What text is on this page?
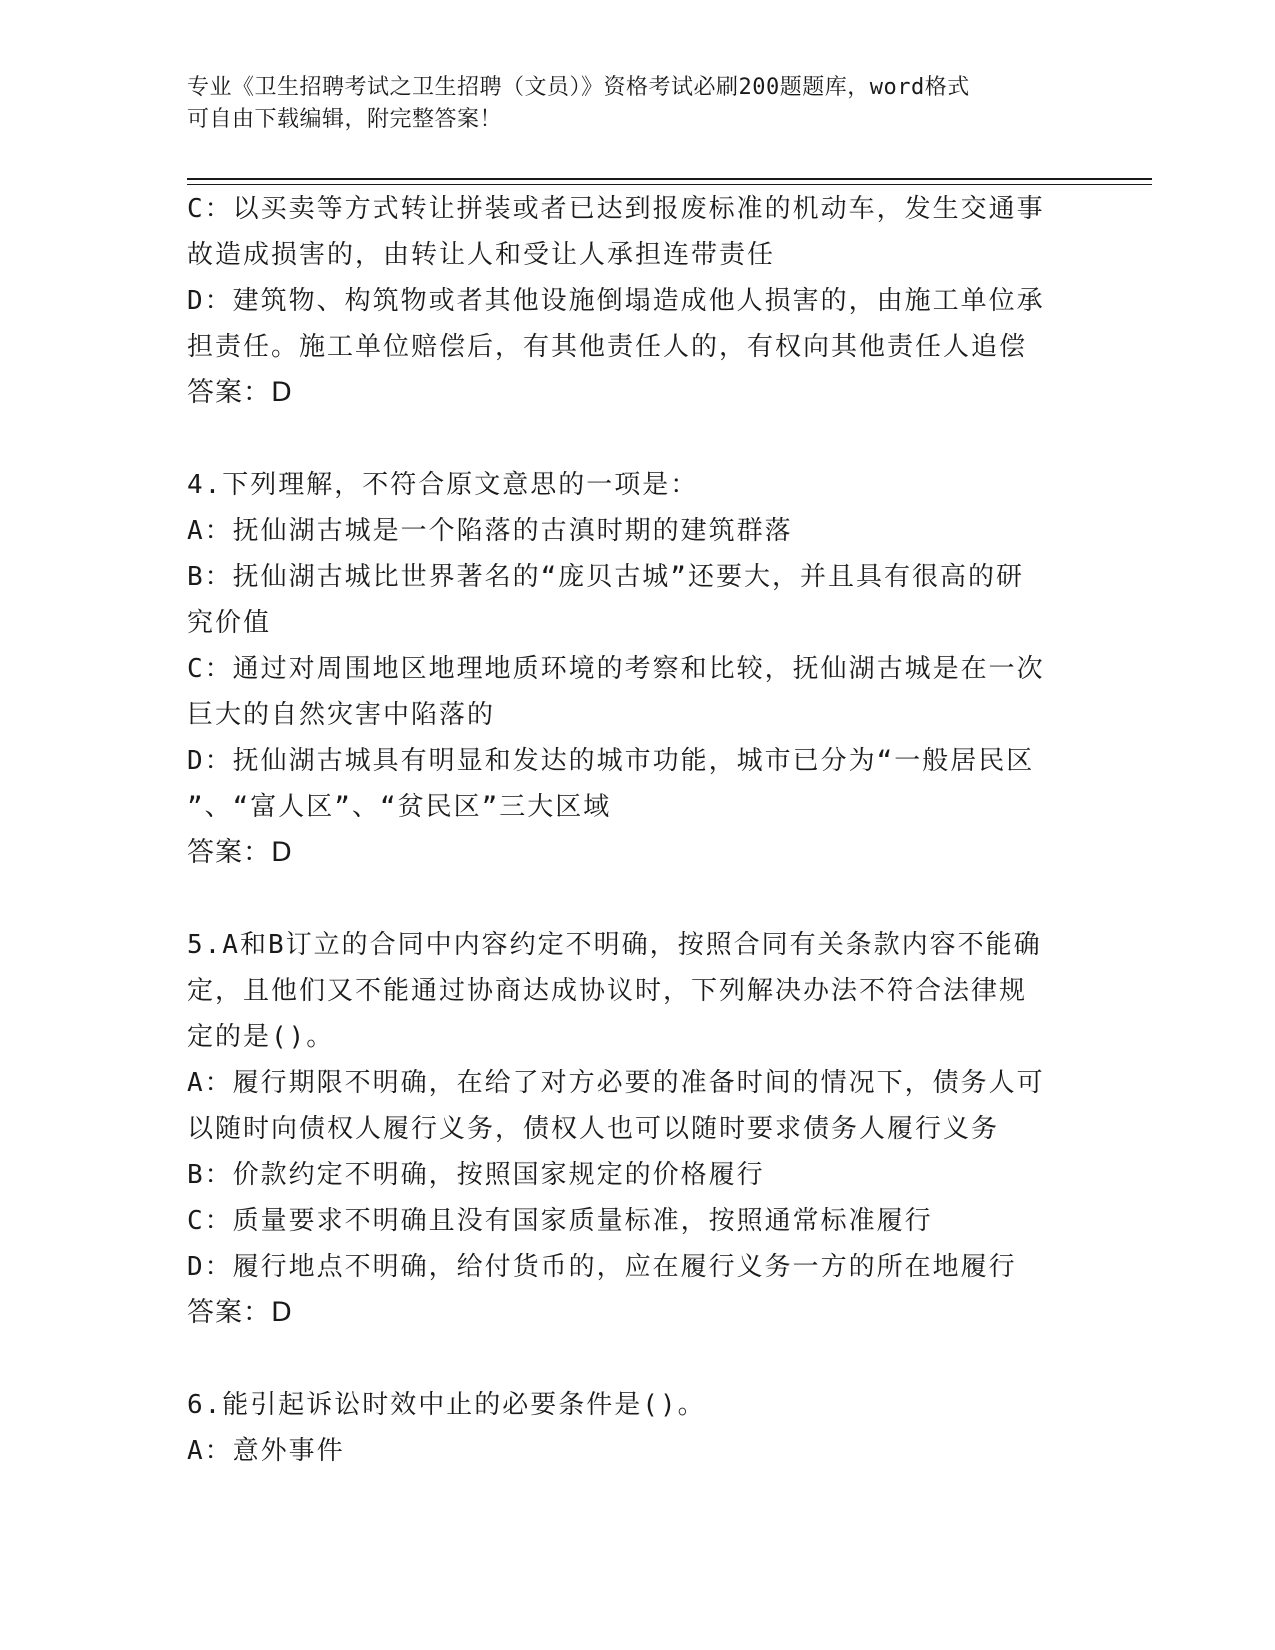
专业《卫生招聘考试之卫生招聘（文员）》资格考试必刷200题题库，word格式
可自由下载编辑，附完整答案！
C：以买卖等方式转让拼装或者已达到报废标准的机动车，发生交通事
故造成损害的，由转让人和受让人承担连带责任
D：建筑物、构筑物或者其他设施倒塌造成他人损害的，由施工单位承
担责任。施工单位赔偿后，有其他责任人的，有权向其他责任人追偿
答案：D
4.下列理解，不符合原文意思的一项是：
A：抚仙湖古城是一个陷落的古滇时期的建筑群落
B：抚仙湖古城比世界著名的“庞贝古城”还要大，并且具有很高的研
究价值
C：通过对周围地区地理地质环境的考察和比较，抚仙湖古城是在一次
巨大的自然灾害中陷落的
D：抚仙湖古城具有明显和发达的城市功能，城市已分为“一般居民区
”、“富人区”、“贫民区”三大区域
答案：D
5.A和B订立的合同中内容约定不明确，按照合同有关条款内容不能确
定，且他们又不能通过协商达成协议时，下列解决办法不符合法律规
定的是()。
A：履行期限不明确，在给了对方必要的准备时间的情况下，债务人可
以随时向债权人履行义务，债权人也可以随时要求债务人履行义务
B：价款约定不明确，按照国家规定的价格履行
C：质量要求不明确且没有国家质量标准，按照通常标准履行
D：履行地点不明确，给付货币的，应在履行义务一方的所在地履行
答案：D
6.能引起诉讼时效中止的必要条件是()。
A：意外事件
